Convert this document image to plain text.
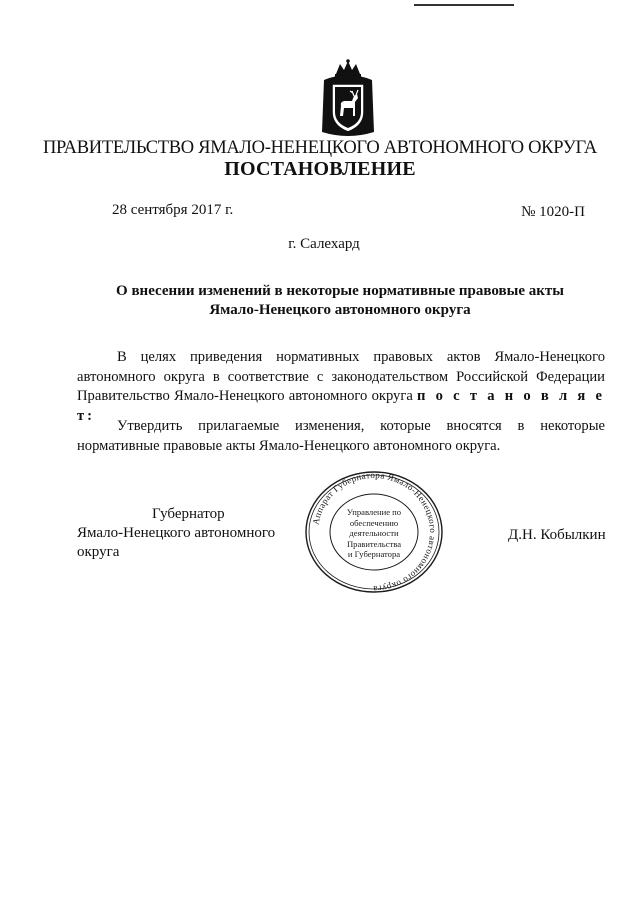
ПРАВИТЕЛЬСТВО ЯМАЛО-НЕНЕЦКОГО АВТОНОМНОГО ОКРУГА
ПОСТАНОВЛЕНИЕ
28 сентября 2017 г.	№ 1020-П
г. Салехард
О внесении изменений в некоторые нормативные правовые акты
Ямало-Ненецкого автономного округа
В целях приведения нормативных правовых актов Ямало-Ненецкого автономного округа в соответствие с законодательством Российской Федерации Правительство Ямало-Ненецкого автономного округа п о с т а н о в л я е т:
Утвердить прилагаемые изменения, которые вносятся в некоторые нормативные правовые акты Ямало-Ненецкого автономного округа.
Губернатор
Ямало-Ненецкого автономного округа
Аппарат Губернатора Ямало-Ненецкого автономного округа
Управление по
обеспечению
деятельности
Правительства
и Губернатора
Д.Н. Кобылкин
